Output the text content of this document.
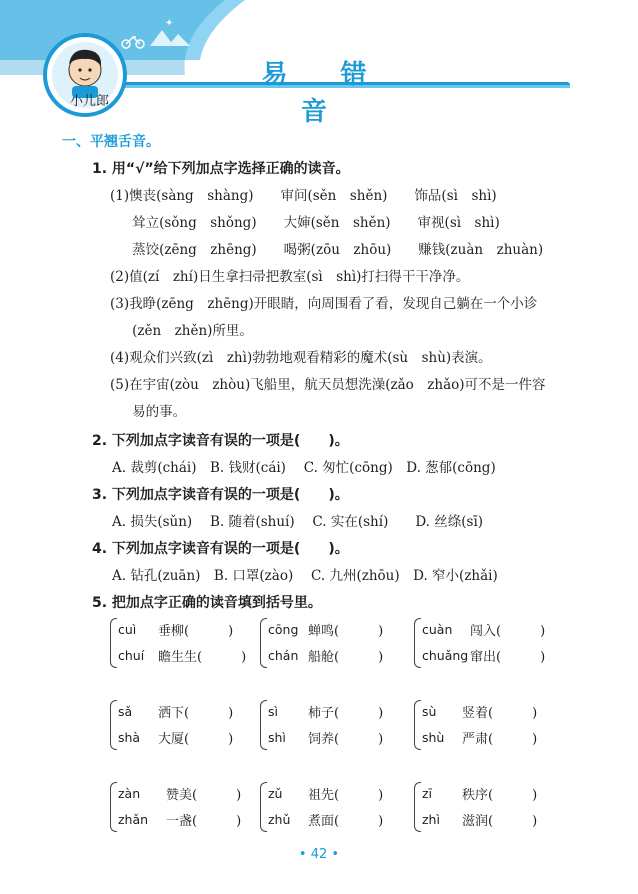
✦
易 错 音
小儿郎
一、平翘舌音。
1. 用“√”给下列加点字选择正确的读音。
(1)懊丧(sàng　shàng)　　审问(sěn　shěn)　　饰品(sì　shì)
　  耸立(sǒng　shǒng)　　大婶(sěn　shěn)　　审视(sì　shì)
　  蒸饺(zēng　zhēng)　　喝粥(zōu　zhōu)　　赚钱(zuàn　zhuàn)
(2)值(zí　zhí)日生拿扫帚把教室(sì　shì)打扫得干干净净。
(3)我睁(zēng　zhēng)开眼睛，向周围看了看，发现自己躺在一个小诊
　  (zěn　zhěn)所里。
(4)观众们兴致(zì　zhì)勃勃地观看精彩的魔术(sù　shù)表演。
(5)在宇宙(zòu　zhòu)飞船里，航天员想洗澡(zǎo　zhǎo)可不是一件容
　  易的事。
2. 下列加点字读音有误的一项是(　　)。
A. 裁剪(chái)　B. 钱财(cái)　 C. 匆忙(cōng)　D. 葱郁(cōng)
3. 下列加点字读音有误的一项是(　　)。
A. 损失(sǔn)　 B. 随着(shuí)　 C. 实在(shí)　　D. 丝绦(sī)
4. 下列加点字读音有误的一项是(　　)。
A. 钻孔(zuān)　B. 口罩(zào)　 C. 九州(zhōu)　D. 窄小(zhǎi)
5. 把加点字正确的读音填到括号里。
cuì	垂柳 (　　　)
chuí	瞻生生 (　　　)
cōng 蝉鸣 (　　　)
chán 船舱 (　　　)
cuàn	闯入 (　　　)
chuǎng 窜出 (　　　)
sǎ	洒下 (　　　)
shà	大厦 (　　　)
sì	柿子 (　　　)
shì	饲养 (　　　)
sù	竖着 (　　　)
shù	严肃 (　　　)
zàn	赞美 (　　　)
zhǎn	一盏 (　　　)
zǔ	祖先 (　　　)
zhǔ	煮面 (　　　)
zī	秩序 (　　　)
zhì	滋润 (　　　)
• 42 •
